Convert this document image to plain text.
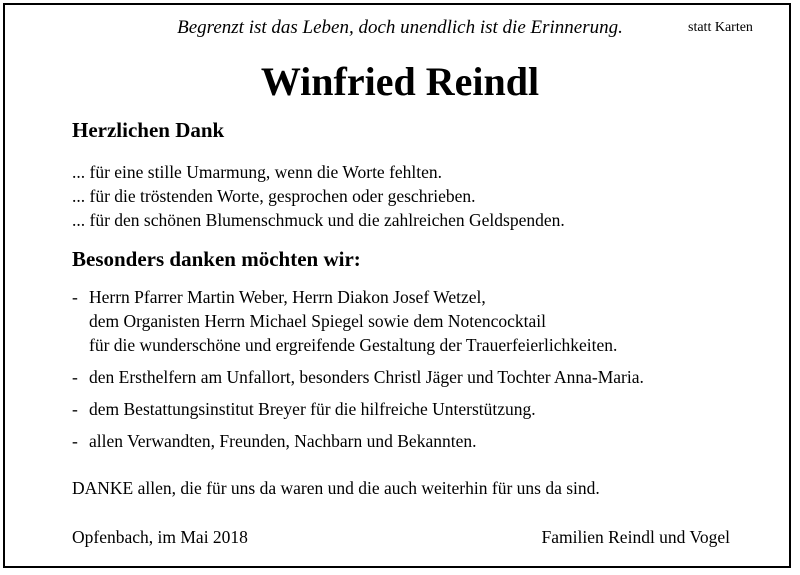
Begrenzt ist das Leben, doch unendlich ist die Erinnerung.	statt Karten
Winfried Reindl
Herzlichen Dank
... für eine stille Umarmung, wenn die Worte fehlten.
... für die tröstenden Worte, gesprochen oder geschrieben.
... für den schönen Blumenschmuck und die zahlreichen Geldspenden.
Besonders danken möchten wir:
- Herrn Pfarrer Martin Weber, Herrn Diakon Josef Wetzel,
dem Organisten Herrn Michael Spiegel sowie dem Notencocktail
für die wunderschöne und ergreifende Gestaltung der Trauerfeierlichkeiten.
- den Ersthelfern am Unfallort, besonders Christl Jäger und Tochter Anna-Maria.
- dem Bestattungsinstitut Breyer für die hilfreiche Unterstützung.
- allen Verwandten, Freunden, Nachbarn und Bekannten.
DANKE allen, die für uns da waren und die auch weiterhin für uns da sind.
Opfenbach, im Mai 2018	Familien Reindl und Vogel
